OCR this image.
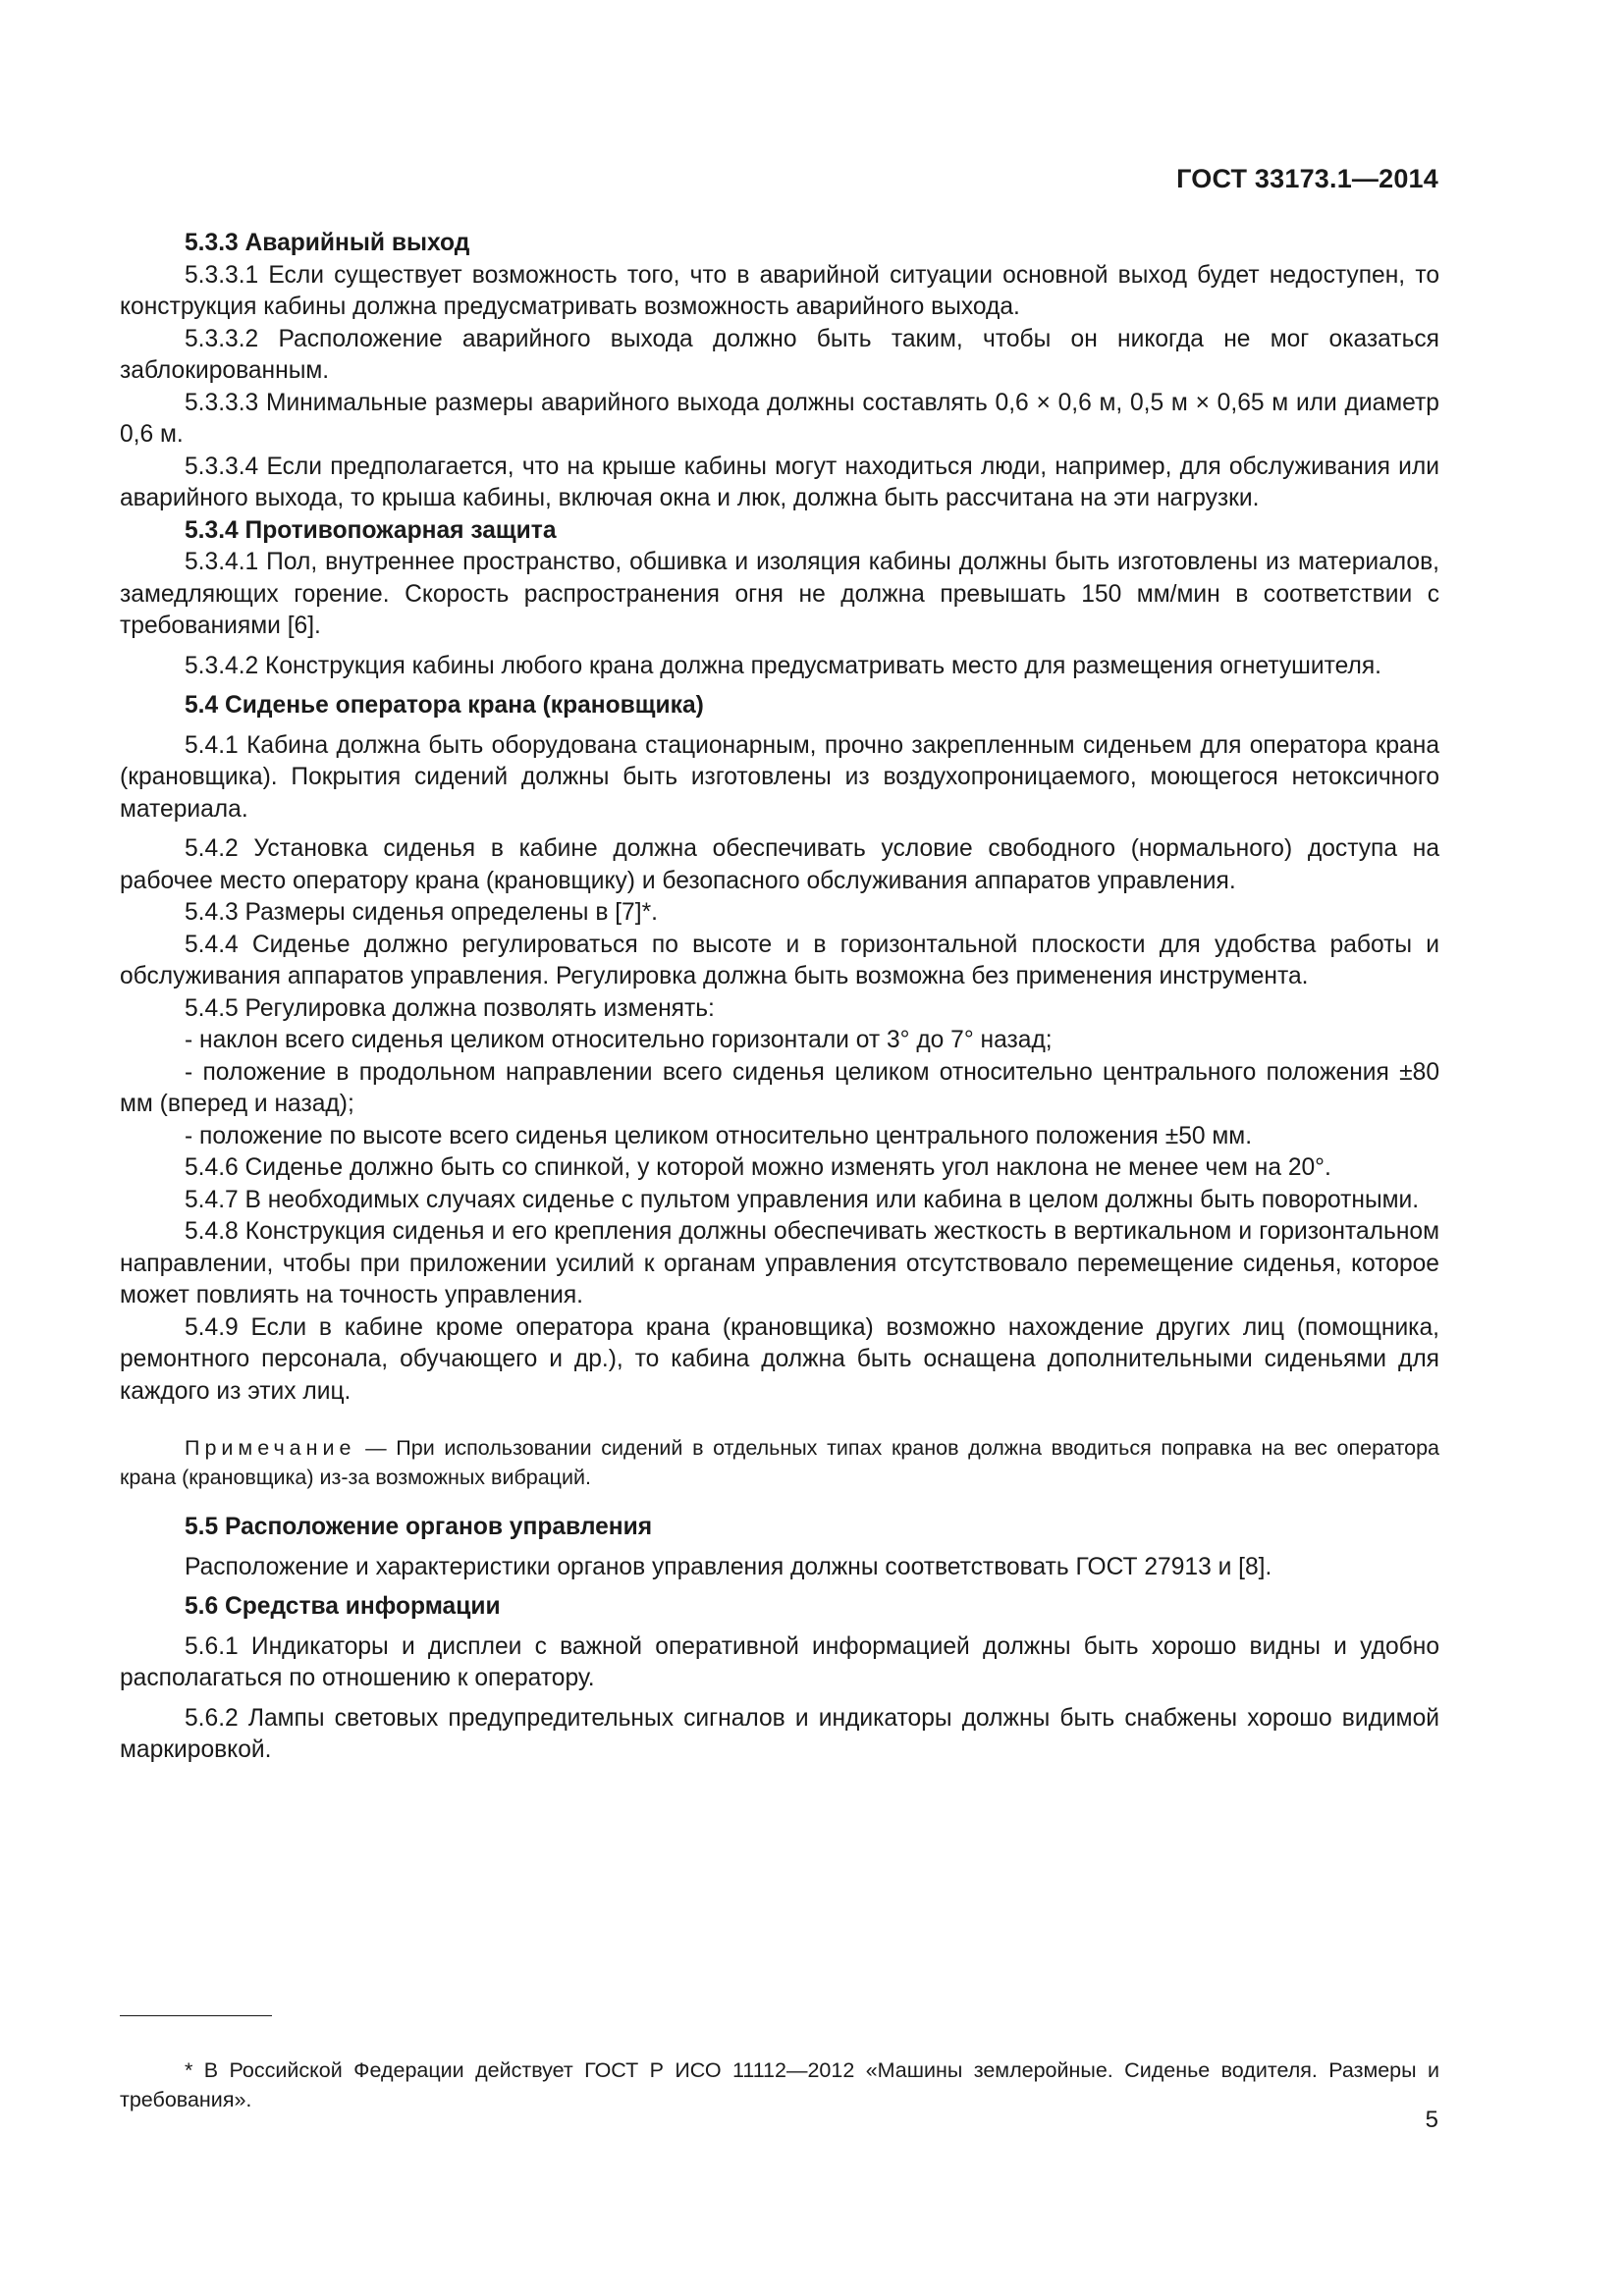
ГОСТ 33173.1—2014

5.3.3 Аварийный выход

5.3.3.1 Если существует возможность того, что в аварийной ситуации основной выход будет недоступен, то конструкция кабины должна предусматривать возможность аварийного выхода.

5.3.3.2 Расположение аварийного выхода должно быть таким, чтобы он никогда не мог оказаться заблокированным.

5.3.3.3 Минимальные размеры аварийного выхода должны составлять 0,6 × 0,6 м, 0,5 м × 0,65 м или диаметр 0,6 м.

5.3.3.4 Если предполагается, что на крыше кабины могут находиться люди, например, для обслуживания или аварийного выхода, то крыша кабины, включая окна и люк, должна быть рассчитана на эти нагрузки.

5.3.4 Противопожарная защита

5.3.4.1 Пол, внутреннее пространство, обшивка и изоляция кабины должны быть изготовлены из материалов, замедляющих горение. Скорость распространения огня не должна превышать 150 мм/мин в соответствии с требованиями [6].

5.3.4.2 Конструкция кабины любого крана должна предусматривать место для размещения огнетушителя.

5.4 Сиденье оператора крана (крановщика)

5.4.1 Кабина должна быть оборудована стационарным, прочно закрепленным сиденьем для оператора крана (крановщика). Покрытия сидений должны быть изготовлены из воздухопроницаемого, моющегося нетоксичного материала.

5.4.2 Установка сиденья в кабине должна обеспечивать условие свободного (нормального) доступа на рабочее место оператору крана (крановщику) и безопасного обслуживания аппаратов управления.

5.4.3 Размеры сиденья определены в [7]*.

5.4.4 Сиденье должно регулироваться по высоте и в горизонтальной плоскости для удобства работы и обслуживания аппаратов управления. Регулировка должна быть возможна без применения инструмента.

5.4.5 Регулировка должна позволять изменять:

- наклон всего сиденья целиком относительно горизонтали от 3° до 7° назад;

- положение в продольном направлении всего сиденья целиком относительно центрального положения ±80 мм (вперед и назад);

- положение по высоте всего сиденья целиком относительно центрального положения ±50 мм.

5.4.6 Сиденье должно быть со спинкой, у которой можно изменять угол наклона не менее чем на 20°.

5.4.7 В необходимых случаях сиденье с пультом управления или кабина в целом должны быть поворотными.

5.4.8 Конструкция сиденья и его крепления должны обеспечивать жесткость в вертикальном и горизонтальном направлении, чтобы при приложении усилий к органам управления отсутствовало перемещение сиденья, которое может повлиять на точность управления.

5.4.9 Если в кабине кроме оператора крана (крановщика) возможно нахождение других лиц (помощника, ремонтного персонала, обучающего и др.), то кабина должна быть оснащена дополнительными сиденьями для каждого из этих лиц.

Примечание — При использовании сидений в отдельных типах кранов должна вводиться поправка на вес оператора крана (крановщика) из-за возможных вибраций.

5.5 Расположение органов управления

Расположение и характеристики органов управления должны соответствовать ГОСТ 27913 и [8].

5.6 Средства информации

5.6.1 Индикаторы и дисплеи с важной оперативной информацией должны быть хорошо видны и удобно располагаться по отношению к оператору.

5.6.2 Лампы световых предупредительных сигналов и индикаторы должны быть снабжены хорошо видимой маркировкой.

* В Российской Федерации действует ГОСТ Р ИСО 11112—2012 «Машины землеройные. Сиденье водителя. Размеры и требования».

5
